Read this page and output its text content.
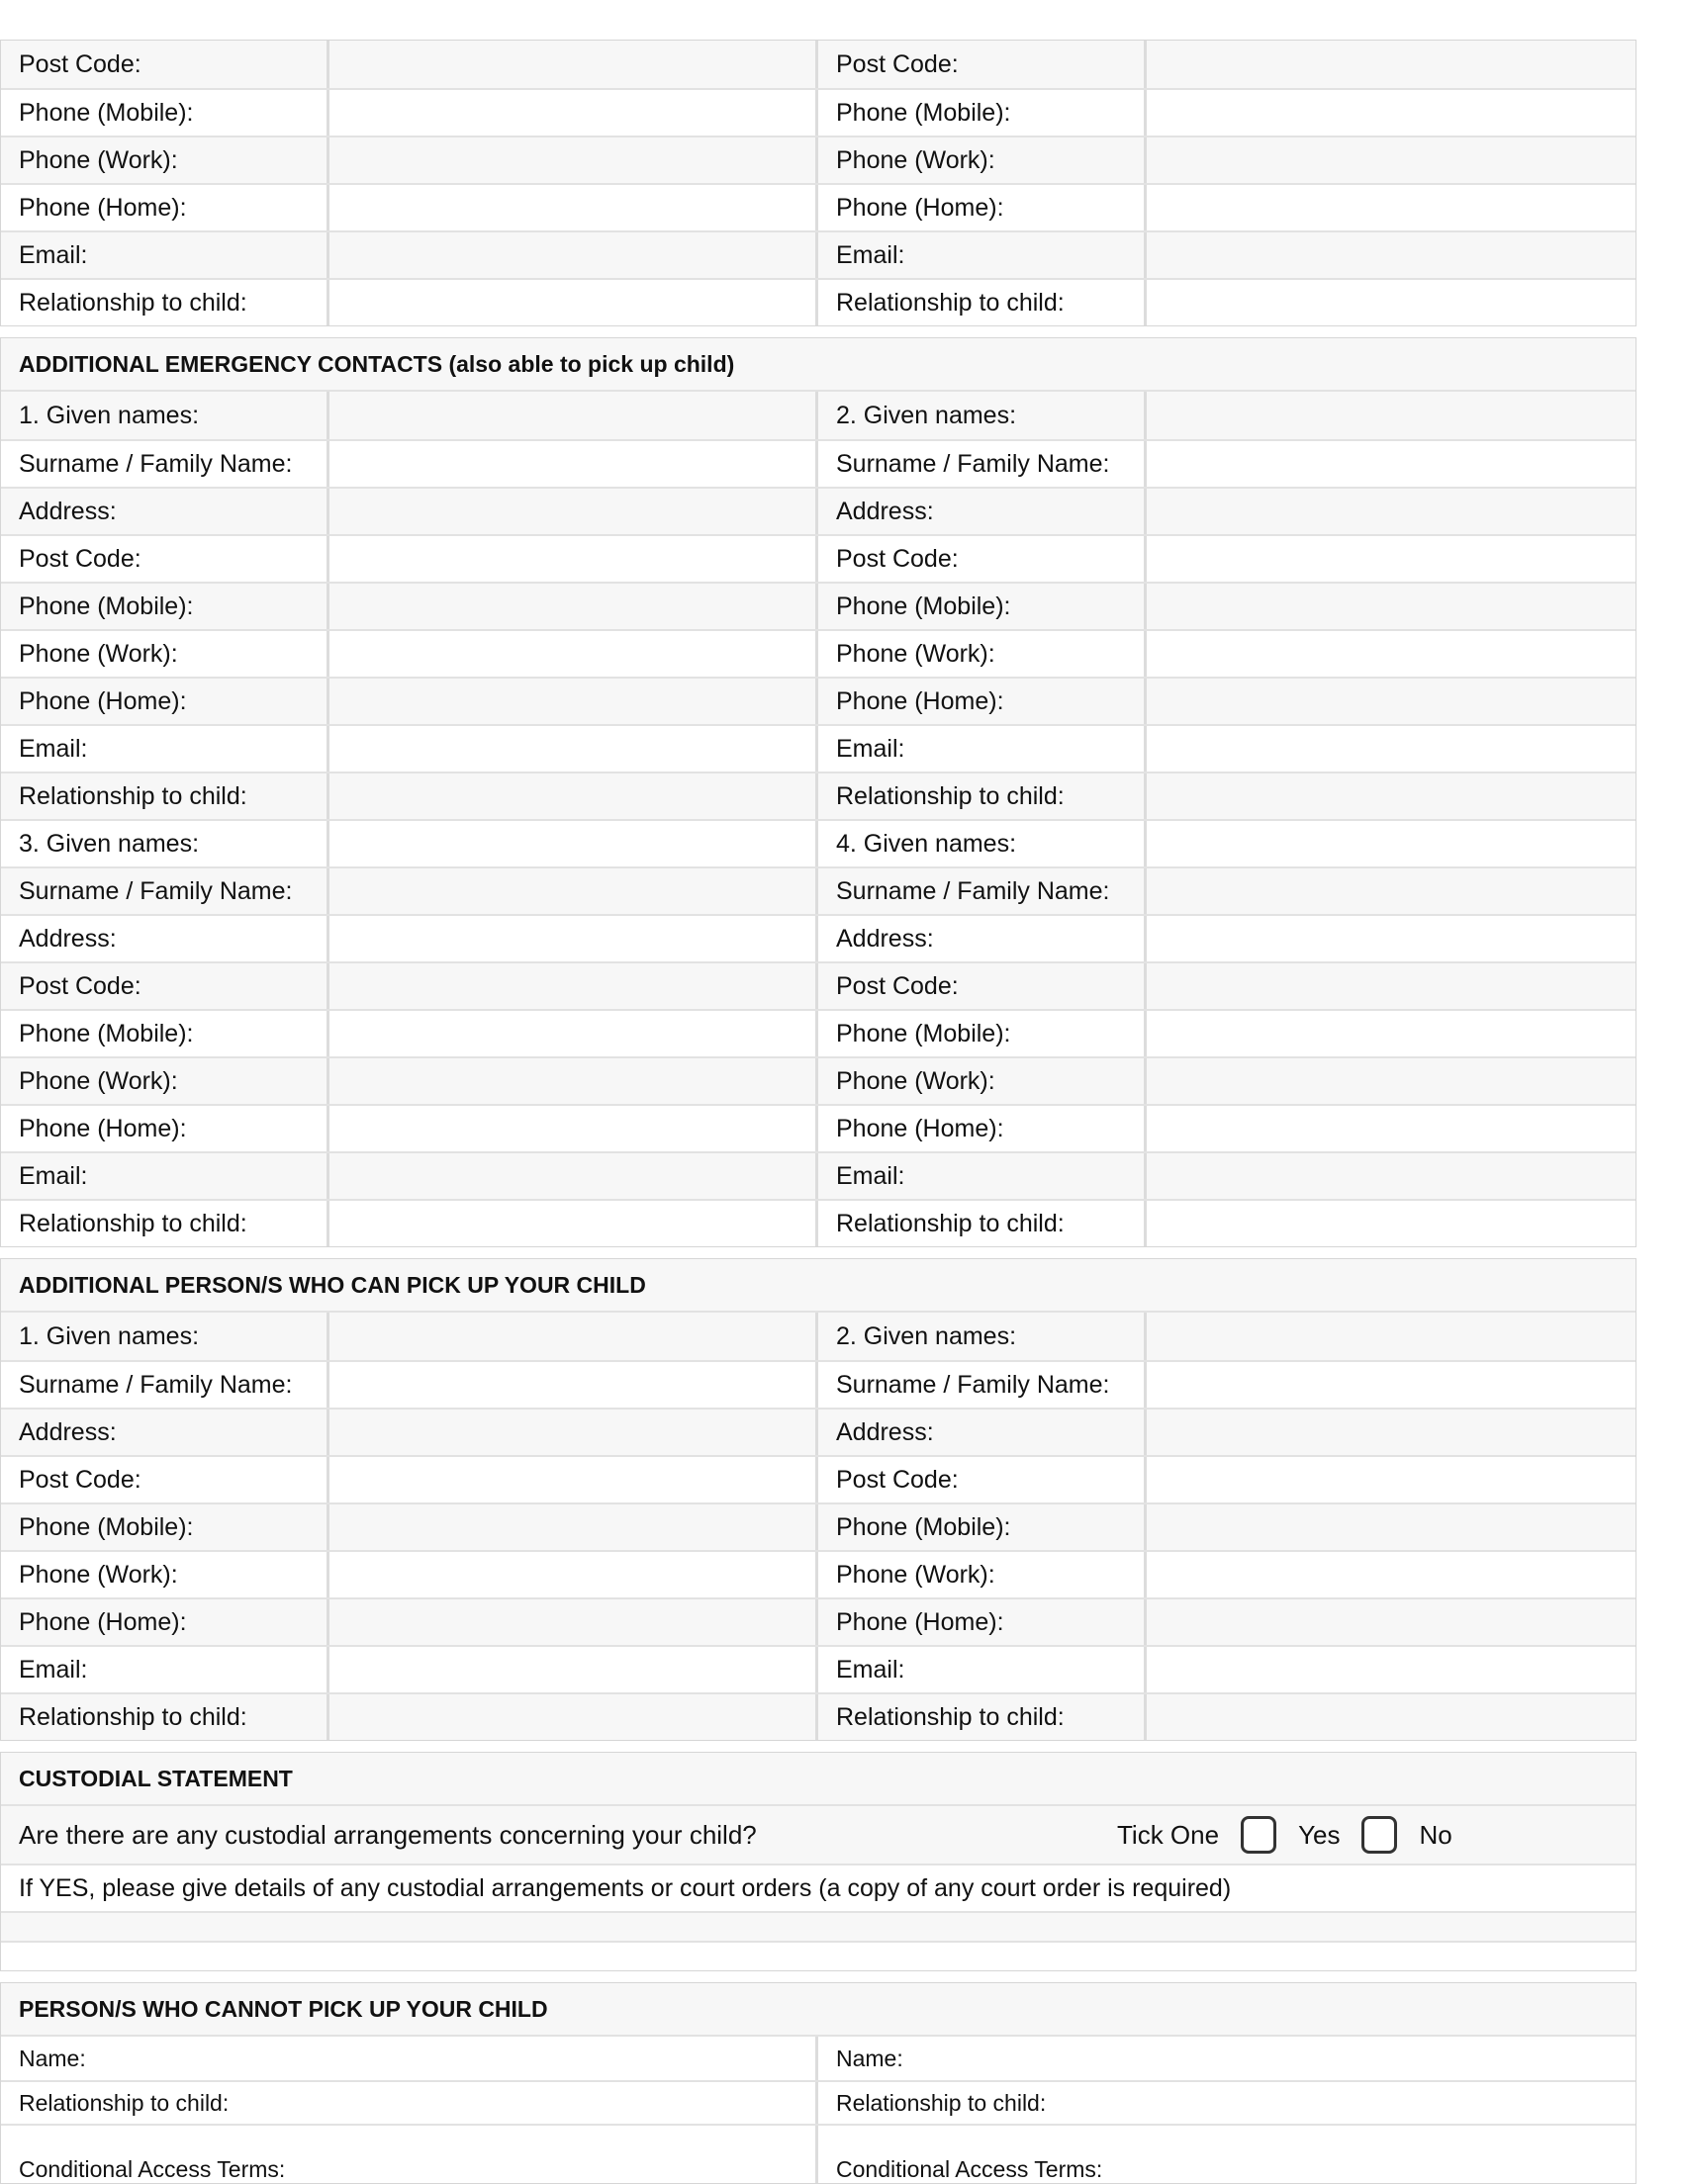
Post Code:	Post Code:
Phone (Mobile):	Phone (Mobile):
Phone (Work):	Phone (Work):
Phone (Home):	Phone (Home):
Email:	Email:
Relationship to child:	Relationship to child:
ADDITIONAL EMERGENCY CONTACTS (also able to pick up child)
1. Given names:	2. Given names:
Surname / Family Name:	Surname / Family Name:
Address:	Address:
Post Code:	Post Code:
Phone (Mobile):	Phone (Mobile):
Phone (Work):	Phone (Work):
Phone (Home):	Phone (Home):
Email:	Email:
Relationship to child:	Relationship to child:
3. Given names:	4. Given names:
Surname / Family Name:	Surname / Family Name:
Address:	Address:
Post Code:	Post Code:
Phone (Mobile):	Phone (Mobile):
Phone (Work):	Phone (Work):
Phone (Home):	Phone (Home):
Email:	Email:
Relationship to child:	Relationship to child:
ADDITIONAL PERSON/S WHO CAN PICK UP YOUR CHILD
1. Given names:	2. Given names:
Surname / Family Name:	Surname / Family Name:
Address:	Address:
Post Code:	Post Code:
Phone (Mobile):	Phone (Mobile):
Phone (Work):	Phone (Work):
Phone (Home):	Phone (Home):
Email:	Email:
Relationship to child:	Relationship to child:
CUSTODIAL STATEMENT
Are there are any custodial arrangements concerning your child?	Tick One	Yes	No
If YES, please give details of any custodial arrangements or court orders (a copy of any court order is required)
PERSON/S WHO CANNOT PICK UP YOUR CHILD
Name:	Name:
Relationship to child:	Relationship to child:
Conditional Access Terms:	Conditional Access Terms:
